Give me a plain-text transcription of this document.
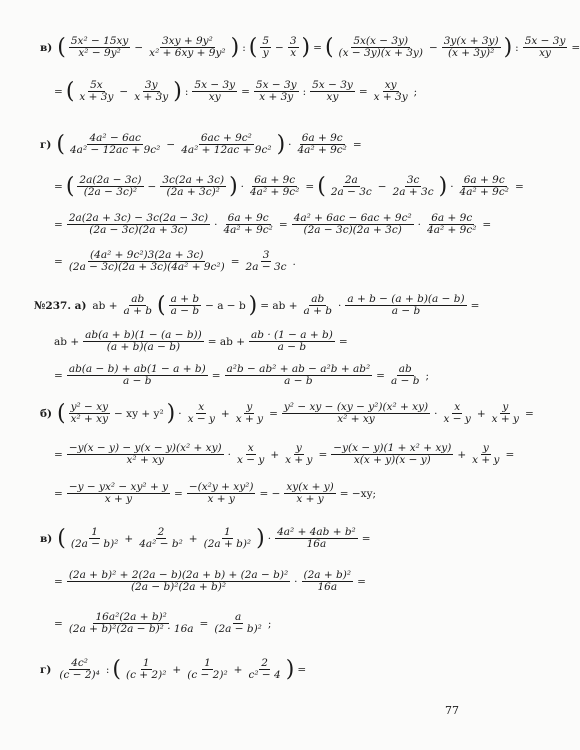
в) ( $\frac{\text{5x² − 15xy}}{\text{x² − 9y²}} - \frac{\text{3xy + 9y²}}{\text{x² + 6xy + 9y²}}$ ) : ( $\frac{5}{y} - \frac{3}{x}$ ) = ( $\frac{5x(x - 3y)}{(x - 3y)(x + 3y)} - \frac{3y(x + 3y)}{\text{(x + 3y)²}}$ ) : $\frac{5x - 3y}{xy}$ =
= ( $\frac{5x}{x + 3y} - \frac{3y}{x + 3y}$ ) : $\frac{5x - 3y}{xy} = \frac{5x - 3y}{x + 3y}$ : $\frac{5x - 3y}{xy} = \frac{xy}{x + 3y}$ ;
г) ( $\frac{\text{4a² − 6ac}}{\text{4a² − 12ac + 9c²}} - \frac{\text{6ac + 9c²}}{\text{4a² + 12ac + 9c²}}$ ) · $\frac{6a + 9c}{\text{4a² + 9c²}}$ =
= ( $\frac{2a(2a - 3c)}{\text{(2a − 3c)²}} - \frac{3c(2a + 3c)}{\text{(2a + 3c)²}}$ ) · $\frac{6a + 9c}{\text{4a² + 9c²}}$ = ( $\frac{2a}{2a - 3c} - \frac{3c}{2a + 3c}$ ) · $\frac{6a + 9c}{\text{4a² + 9c²}}$ =
= $\frac{2a(2a + 3c) - 3c(2a - 3c)}{(2a - 3c)(2a + 3c)} \cdot \frac{6a + 9c}{\text{4a² + 9c²}} = \frac{\text{4a² + 6ac − 6ac + 9c²}}{(2a - 3c)(2a + 3c)} \cdot \frac{6a + 9c}{\text{4a² + 9c²}}$ =
= $\frac{\text{(4a² + 9c²)3(2a + 3c)}}{\text{(2a − 3c)(2a + 3c)(4a² + 9c²)}} = \frac{3}{2a - 3c}$ .
№237. а) ab + $\frac{ab}{a + b}$ ( $\frac{a + b}{a - b} - a - b$ ) = ab + $\frac{ab}{a + b} \cdot \frac{a + b - (a + b)(a - b)}{a - b}$ =
ab + $\frac{ab(a + b)(1 - (a - b))}{(a + b)(a - b)}$ = ab + $\frac{ab \cdot (1 - a + b)}{a - b}$ =
= $\frac{ab(a - b) + ab(1 - a + b)}{a - b} = \frac{\text{a²b − ab² + ab − a²b + ab²}}{a - b} = \frac{ab}{a - b}$ ;
б) ( $\frac{\text{y² − xy}}{\text{x² + xy}}$ − xy + y² ) · $\frac{x}{x - y} + \frac{y}{x + y} = \frac{\text{y² − xy − (xy − y²)(x² + xy)}}{\text{x² + xy}} \cdot \frac{x}{x - y} + \frac{y}{x + y}$ =
= $\frac{\text{−y(x − y) − y(x − y)(x² + xy)}}{\text{x² + xy}} \cdot \frac{x}{x - y} + \frac{y}{x + y} = \frac{\text{−y(x − y)(1 + x² + xy)}}{x(x + y)(x - y)} + \frac{y}{x + y}$ =
= $\frac{\text{−y − yx² − xy² + y}}{x + y} = \frac{\text{−(x²y + xy²)}}{x + y}$ = − $\frac{xy(x + y)}{x + y} = -xy$;
в) ( $\frac{1}{\text{(2a − b)²}} + \frac{2}{\text{4a² − b²}} + \frac{1}{\text{(2a + b)²}}$ ) · $\frac{\text{4a² + 4ab + b²}}{16a}$ =
= $\frac{\text{(2a + b)² + 2(2a − b)(2a + b) + (2a − b)²}}{\text{(2a − b)²(2a + b)²}} \cdot \frac{\text{(2a + b)²}}{16a}$ =
= $\frac{\text{16a²(2a + b)²}}{\text{(2a + b)²(2a − b)² · 16a}} = \frac{a}{\text{(2a − b)²}}$ ;
$г) \frac{\text{4c²}}{\text{(c − 2)⁴}}$ : ( $\frac{1}{\text{(c + 2)²}} + \frac{1}{\text{(c − 2)²}} + \frac{2}{\text{c² − 4}}$ ) =
77
